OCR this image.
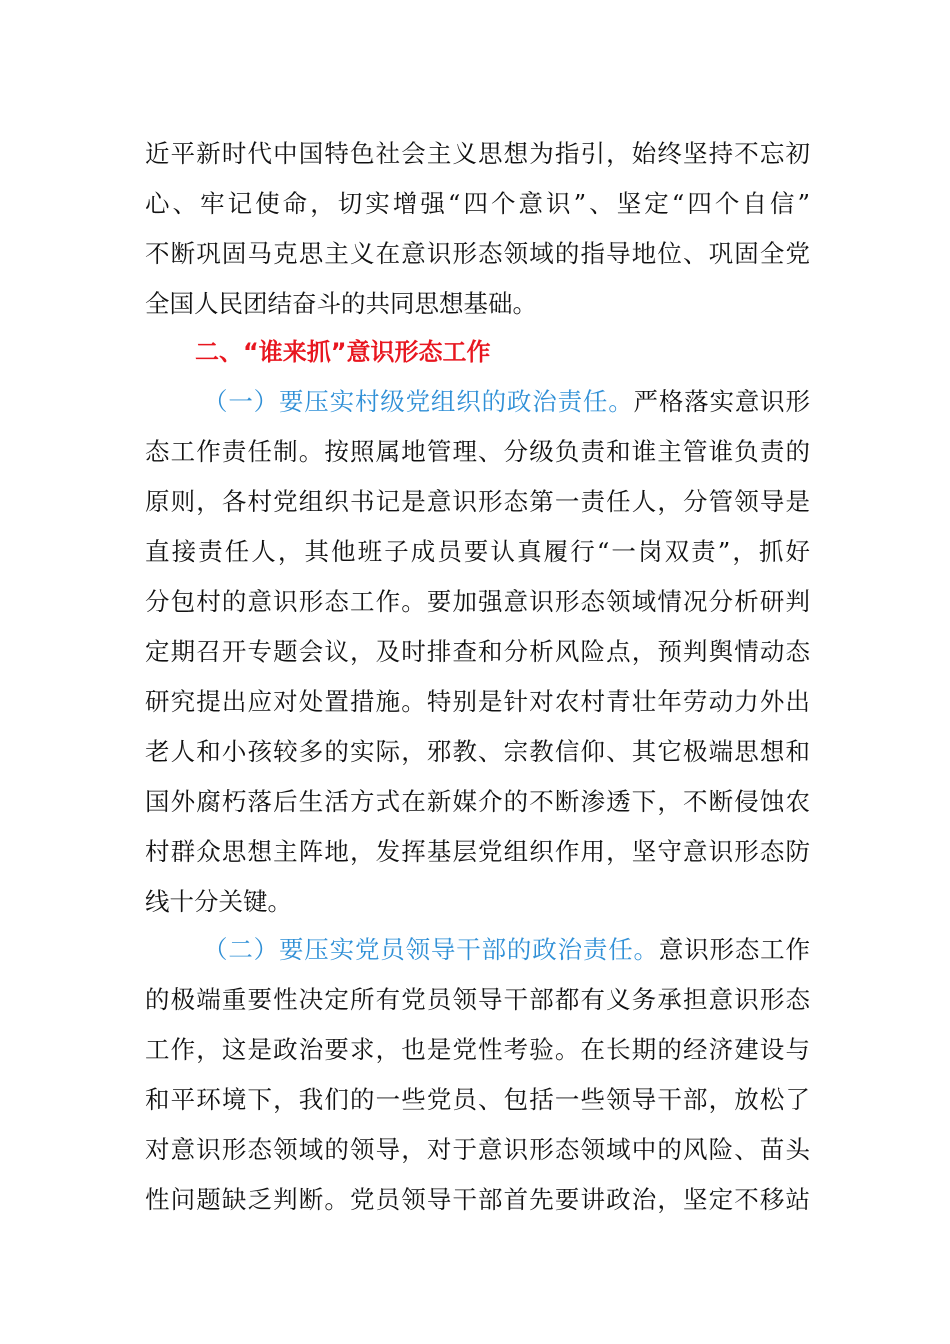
近平新时代中国特色社会主义思想为指引，始终坚持不忘初
心、牢记使命，切实增强“四个意识”、坚定“四个自信”
不断巩固马克思主义在意识形态领域的指导地位、巩固全党
全国人民团结奋斗的共同思想基础。
二、“谁来抓”意识形态工作
（一）要压实村级党组织的政治责任。严格落实意识形
态工作责任制。按照属地管理、分级负责和谁主管谁负责的
原则，各村党组织书记是意识形态第一责任人，分管领导是
直接责任人，其他班子成员要认真履行“一岗双责”，抓好
分包村的意识形态工作。要加强意识形态领域情况分析研判
定期召开专题会议，及时排查和分析风险点，预判舆情动态
研究提出应对处置措施。特别是针对农村青壮年劳动力外出
老人和小孩较多的实际，邪教、宗教信仰、其它极端思想和
国外腐朽落后生活方式在新媒介的不断渗透下，不断侵蚀农
村群众思想主阵地，发挥基层党组织作用，坚守意识形态防
线十分关键。
（二）要压实党员领导干部的政治责任。意识形态工作
的极端重要性决定所有党员领导干部都有义务承担意识形态
工作，这是政治要求，也是党性考验。在长期的经济建设与
和平环境下，我们的一些党员、包括一些领导干部，放松了
对意识形态领域的领导，对于意识形态领域中的风险、苗头
性问题缺乏判断。党员领导干部首先要讲政治，坚定不移站
